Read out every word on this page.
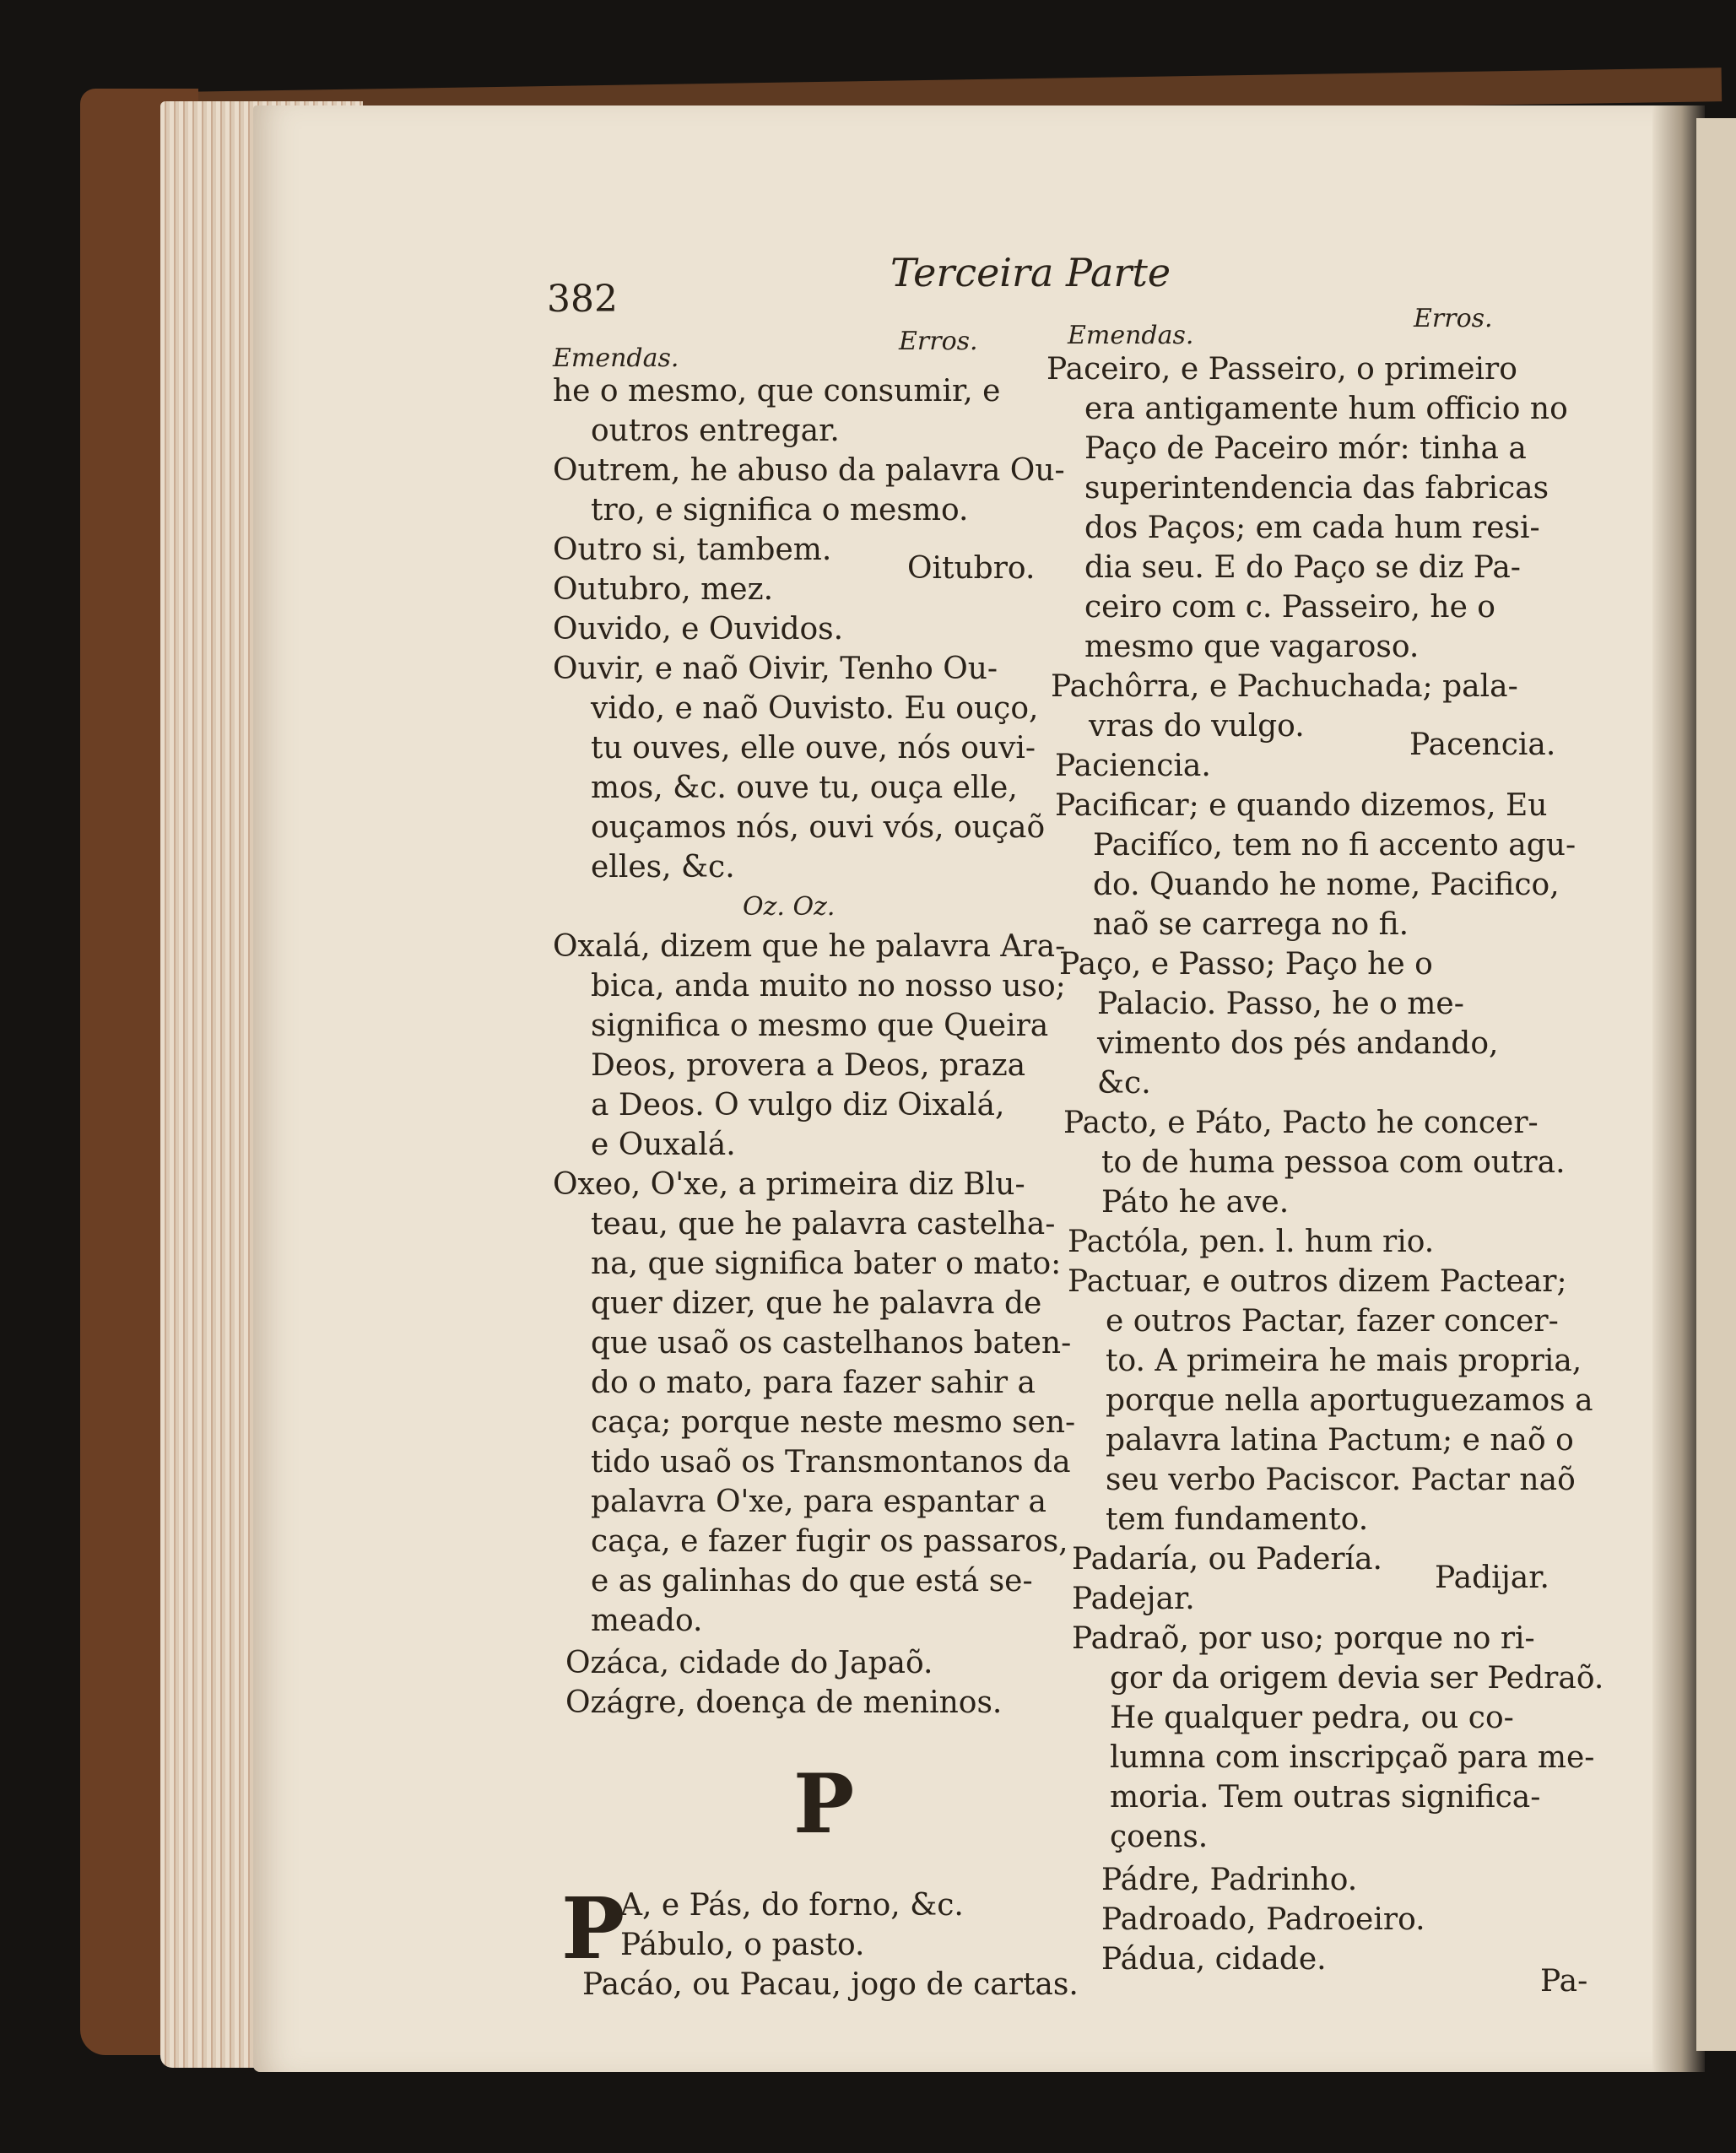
382
Terceira Parte
Emendas.
Erros.	Emendas.
Erros.
he o mesmo, que consumir, e
outros entregar.
Outrem, he abuso da palavra Ou-
tro, e significa o mesmo.
Outro si, tambem.
Outubro, mez.
Oitubro.
Ouvido, e Ouvidos.
Ouvir, e naõ Oivir, Tenho Ou-
vido, e naõ Ouvisto. Eu ouço,
tu ouves, elle ouve, nós ouvi-
mos, &c. ouve tu, ouça elle,
ouçamos nós, ouvi vós, ouçaõ
elles, &c.
Oz. Oz.
Oxalá, dizem que he palavra Ara-
bica, anda muito no nosso uso;
significa o mesmo que Queira
Deos, provera a Deos, praza
a Deos. O vulgo diz Oixalá,
e Ouxalá.
Oxeo, O'xe, a primeira diz Blu-
teau, que he palavra castelha-
na, que significa bater o mato:
quer dizer, que he palavra de
que usaõ os castelhanos baten-
do o mato, para fazer sahir a
caça; porque neste mesmo sen-
tido usaõ os Transmontanos da
palavra O'xe, para espantar a
caça, e fazer fugir os passaros,
e as galinhas do que está se-
meado.
Ozáca, cidade do Japaõ.
Ozágre, doença de meninos.
P
P
A, e Pás, do forno, &c.
Pábulo, o pasto.
Pacáo, ou Pacau, jogo de cartas.
Paceiro, e Passeiro, o primeiro
era antigamente hum officio no
Paço de Paceiro mór: tinha a
superintendencia das fabricas
dos Paços; em cada hum resi-
dia seu. E do Paço se diz Pa-
ceiro com c. Passeiro, he o
mesmo que vagaroso.
Pachôrra, e Pachuchada; pala-
vras do vulgo.
Paciencia.
Pacencia.
Pacificar; e quando dizemos, Eu
Pacifíco, tem no fi accento agu-
do. Quando he nome, Pacifico,
naõ se carrega no fi.
Paço, e Passo; Paço he o
Palacio. Passo, he o me-
vimento dos pés andando,
&c.
Pacto, e Páto, Pacto he concer-
to de huma pessoa com outra.
Páto he ave.
Pactóla, pen. l. hum rio.
Pactuar, e outros dizem Pactear;
e outros Pactar, fazer concer-
to. A primeira he mais propria,
porque nella aportuguezamos a
palavra latina Pactum; e naõ o
seu verbo Paciscor. Pactar naõ
tem fundamento.
Padaría, ou Padería.
Padejar.
Padijar.
Padraõ, por uso; porque no ri-
gor da origem devia ser Pedraõ.
He qualquer pedra, ou co-
lumna com inscripçaõ para me-
moria. Tem outras significa-
çoens.
Pádre, Padrinho.
Padroado, Padroeiro.
Pádua, cidade.
Pa-
